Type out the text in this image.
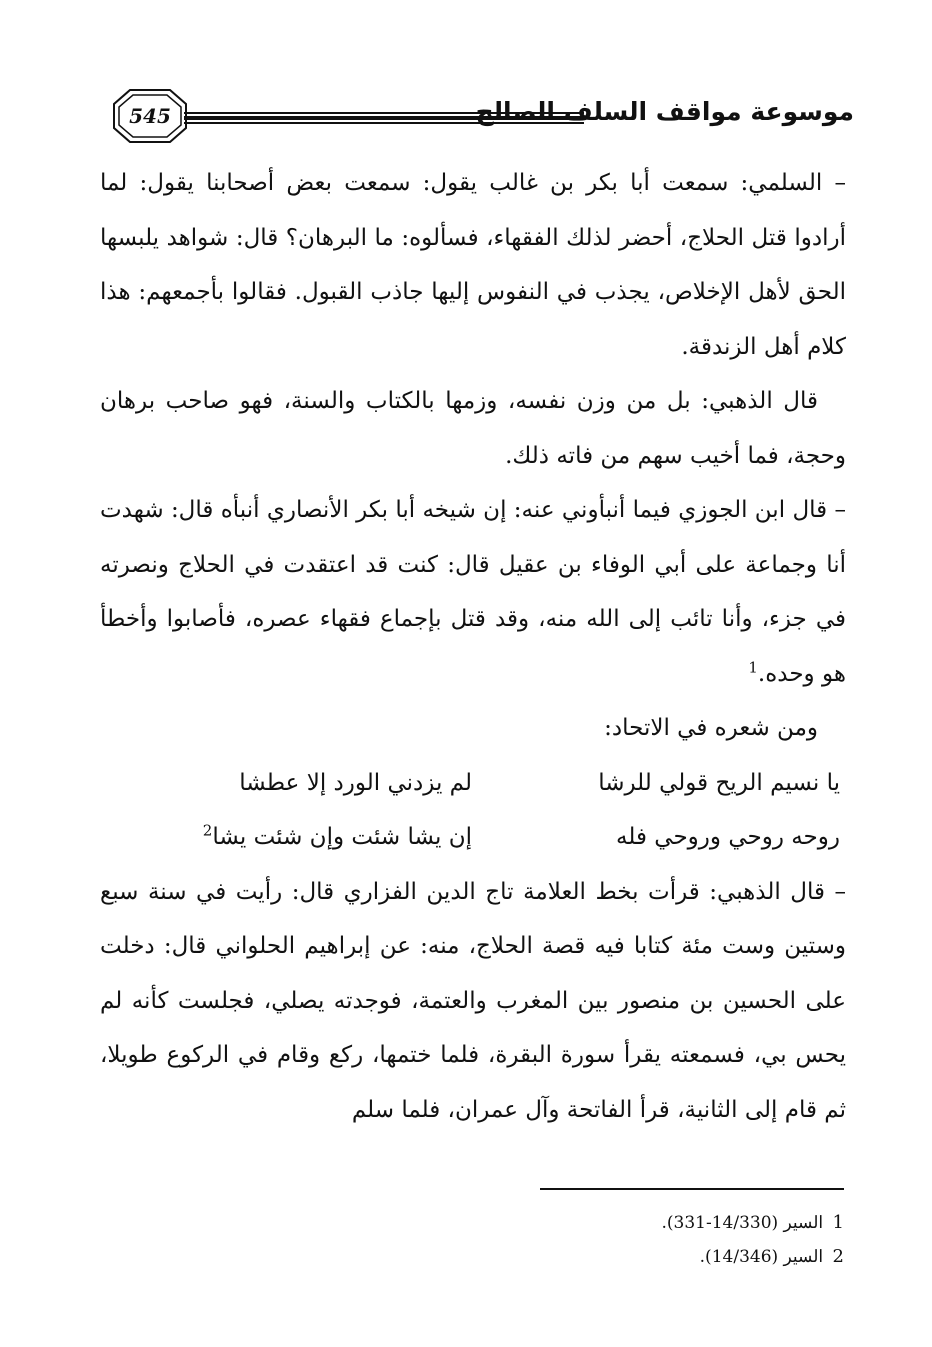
545	موسوعة مواقف السلف الصالح

– السلمي: سمعت أبا بكر بن غالب يقول: سمعت بعض أصحابنا يقول: لما أرادوا قتل الحلاج، أحضر لذلك الفقهاء، فسألوه: ما البرهان؟ قال: شواهد يلبسها الحق لأهل الإخلاص، يجذب في النفوس إليها جاذب القبول. فقالوا بأجمعهم: هذا كلام أهل الزندقة.

قال الذهبي: بل من وزن نفسه، وزمها بالكتاب والسنة، فهو صاحب برهان وحجة، فما أخيب سهم من فاته ذلك.

– قال ابن الجوزي فيما أنبأوني عنه: إن شيخه أبا بكر الأنصاري أنبأه قال: شهدت أنا وجماعة على أبي الوفاء بن عقيل قال: كنت قد اعتقدت في الحلاج ونصرته في جزء، وأنا تائب إلى الله منه، وقد قتل بإجماع فقهاء عصره، فأصابوا وأخطأ هو وحده.$^1$

ومن شعره في الاتحاد:

يا نسيم الريح قولي للرشا
لم يزدني الورد إلا عطشا
روحه روحي وروحي فله
إن يشا شئت وإن شئت يشا$^2$

– قال الذهبي: قرأت بخط العلامة تاج الدين الفزاري قال: رأيت في سنة سبع وستين وست مئة كتابا فيه قصة الحلاج، منه: عن إبراهيم الحلواني قال: دخلت على الحسين بن منصور بين المغرب والعتمة، فوجدته يصلي، فجلست كأنه لم يحس بي، فسمعته يقرأ سورة البقرة، فلما ختمها، ركع وقام في الركوع طويلا، ثم قام إلى الثانية، قرأ الفاتحة وآل عمران، فلما سلم

1 السير (14/330-331).

2 السير (14/346).
